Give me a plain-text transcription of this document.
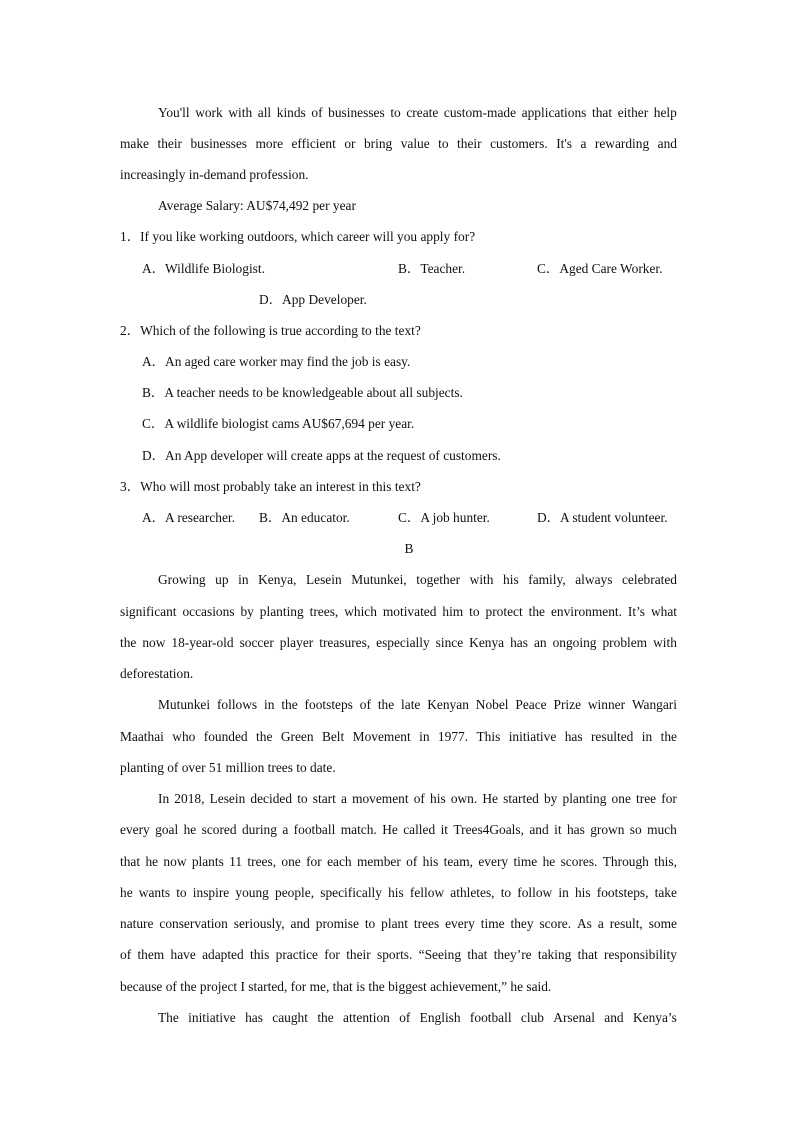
You'll work with all kinds of businesses to create custom-made applications that either help
make their businesses more efficient or bring value to their customers. It's a rewarding and
increasingly in-demand profession.
Average Salary: AU$74,492 per year
1．If you like working outdoors, which career will you apply for?
A．Wildlife Biologist.	B．Teacher.	C．Aged Care Worker.
D．App Developer.
2．Which of the following is true according to the text?
A．An aged care worker may find the job is easy.
B．A teacher needs to be knowledgeable about all subjects.
C．A wildlife biologist cams AU$67,694 per year.
D．An App developer will create apps at the request of customers.
3．Who will most probably take an interest in this text?
A．A researcher. B．An educator.	C．A job hunter.	D．A student volunteer.
B
Growing up in Kenya, Lesein Mutunkei, together with his family, always celebrated
significant occasions by planting trees, which motivated him to protect the environment. It’s what
the now 18-year-old soccer player treasures, especially since Kenya has an ongoing problem with
deforestation.
Mutunkei follows in the footsteps of the late Kenyan Nobel Peace Prize winner Wangari
Maathai who founded the Green Belt Movement in 1977. This initiative has resulted in the
planting of over 51 million trees to date.
In 2018, Lesein decided to start a movement of his own. He started by planting one tree for
every goal he scored during a football match. He called it Trees4Goals, and it has grown so much
that he now plants 11 trees, one for each member of his team, every time he scores. Through this,
he wants to inspire young people, specifically his fellow athletes, to follow in his footsteps, take
nature conservation seriously, and promise to plant trees every time they score. As a result, some
of them have adapted this practice for their sports. “Seeing that they’re taking that responsibility
because of the project I started, for me, that is the biggest achievement,” he said.
The initiative has caught the attention of English football club Arsenal and Kenya’s
